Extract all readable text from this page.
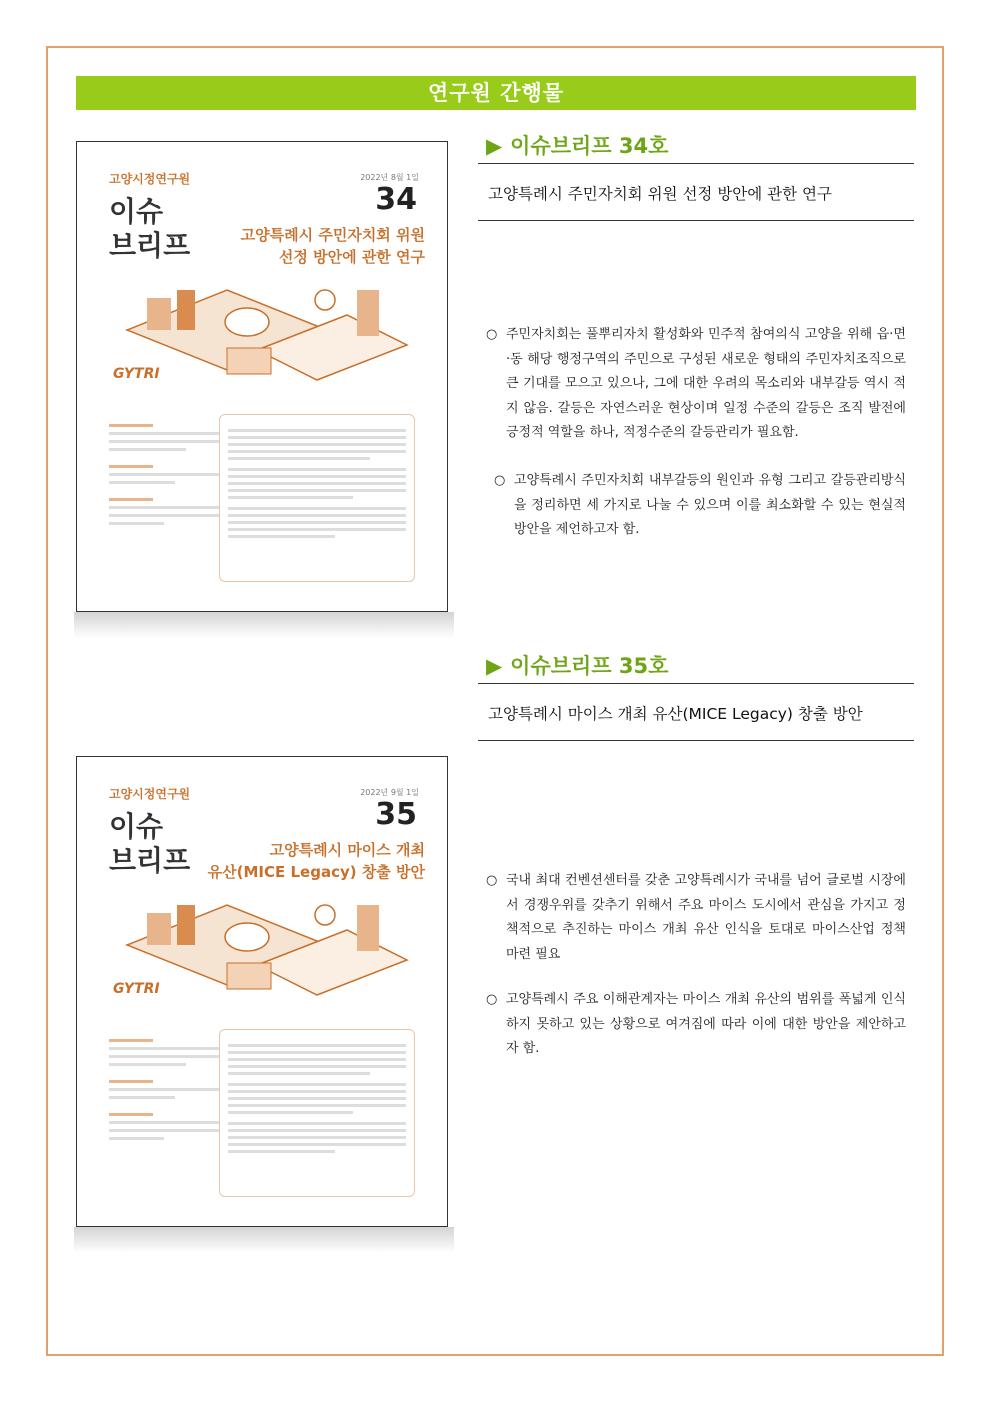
연구원 간행물
고양시정연구원
이슈
브리프
2022년 8월 1일
34
고양특례시 주민자치회 위원
선정 방안에 관한 연구
GYTRI
▶ 이슈브리프 34호
고양특례시 주민자치회 위원 선정 방안에 관한 연구
○ 주민자치회는 풀뿌리자치 활성화와 민주적 참여의식 고양을 위해 읍·면·동 해당 행정구역의 주민으로 구성된 새로운 형태의 주민자치조직으로 큰 기대를 모으고 있으나, 그에 대한 우려의 목소리와 내부갈등 역시 적지 않음. 갈등은 자연스러운 현상이며 일정 수준의 갈등은 조직 발전에 긍정적 역할을 하나, 적정수준의 갈등관리가 필요함.
○ 고양특례시 주민자치회 내부갈등의 원인과 유형 그리고 갈등관리방식을 정리하면 세 가지로 나눌 수 있으며 이를 최소화할 수 있는 현실적 방안을 제언하고자 함.
고양시정연구원
이슈
브리프
2022년 9월 1일
35
고양특례시 마이스 개최
유산(MICE Legacy) 창출 방안
GYTRI
▶ 이슈브리프 35호
고양특례시 마이스 개최 유산(MICE Legacy) 창출 방안
○ 국내 최대 컨벤션센터를 갖춘 고양특례시가 국내를 넘어 글로벌 시장에서 경쟁우위를 갖추기 위해서 주요 마이스 도시에서 관심을 가지고 정책적으로 추진하는 마이스 개최 유산 인식을 토대로 마이스산업 정책 마련 필요
○ 고양특례시 주요 이해관계자는 마이스 개최 유산의 범위를 폭넓게 인식하지 못하고 있는 상황으로 여겨짐에 따라 이에 대한 방안을 제안하고자 함.
